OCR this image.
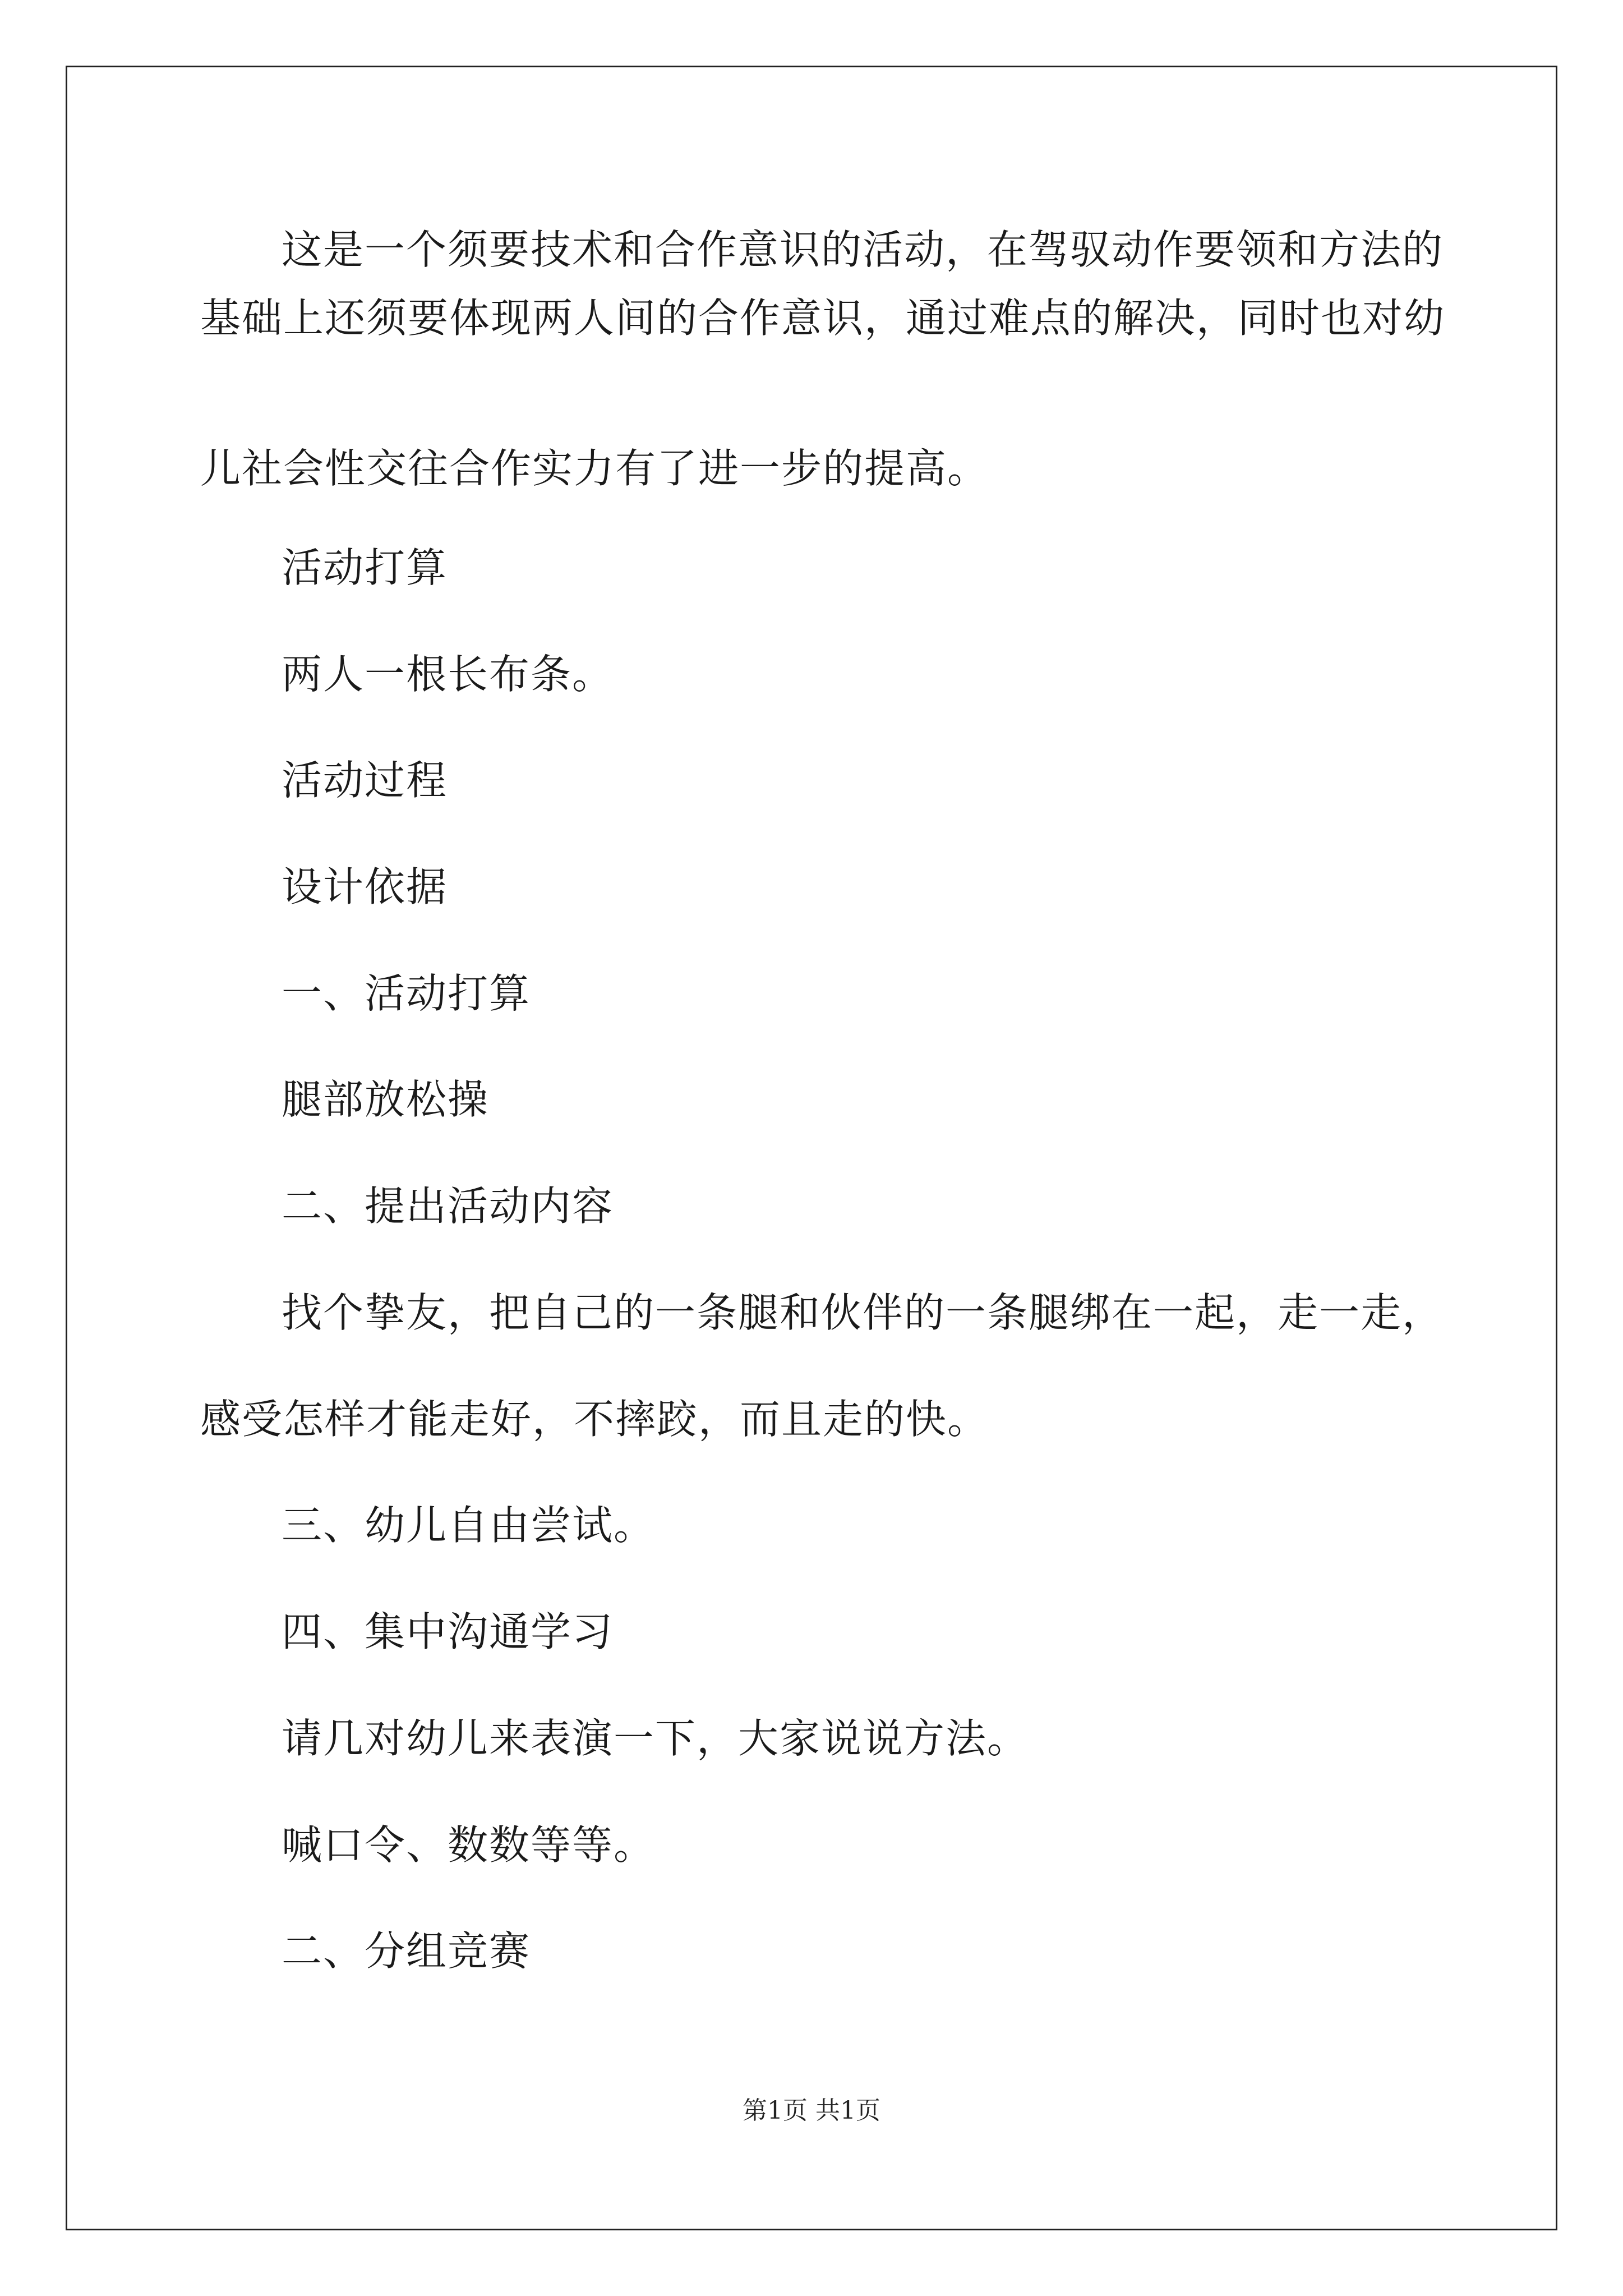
这是一个须要技术和合作意识的活动，在驾驭动作要领和方法的
基础上还须要体现两人间的合作意识，通过难点的解决，同时也对幼
儿社会性交往合作实力有了进一步的提高。
活动打算
两人一根长布条。
活动过程
设计依据
一、活动打算
腿部放松操
二、提出活动内容
找个挚友，把自己的一条腿和伙伴的一条腿绑在一起，走一走，
感受怎样才能走好，不摔跤，而且走的快。
三、幼儿自由尝试。
四、集中沟通学习
请几对幼儿来表演一下，大家说说方法。
喊口令、数数等等。
二、分组竞赛
第1页 共1页
